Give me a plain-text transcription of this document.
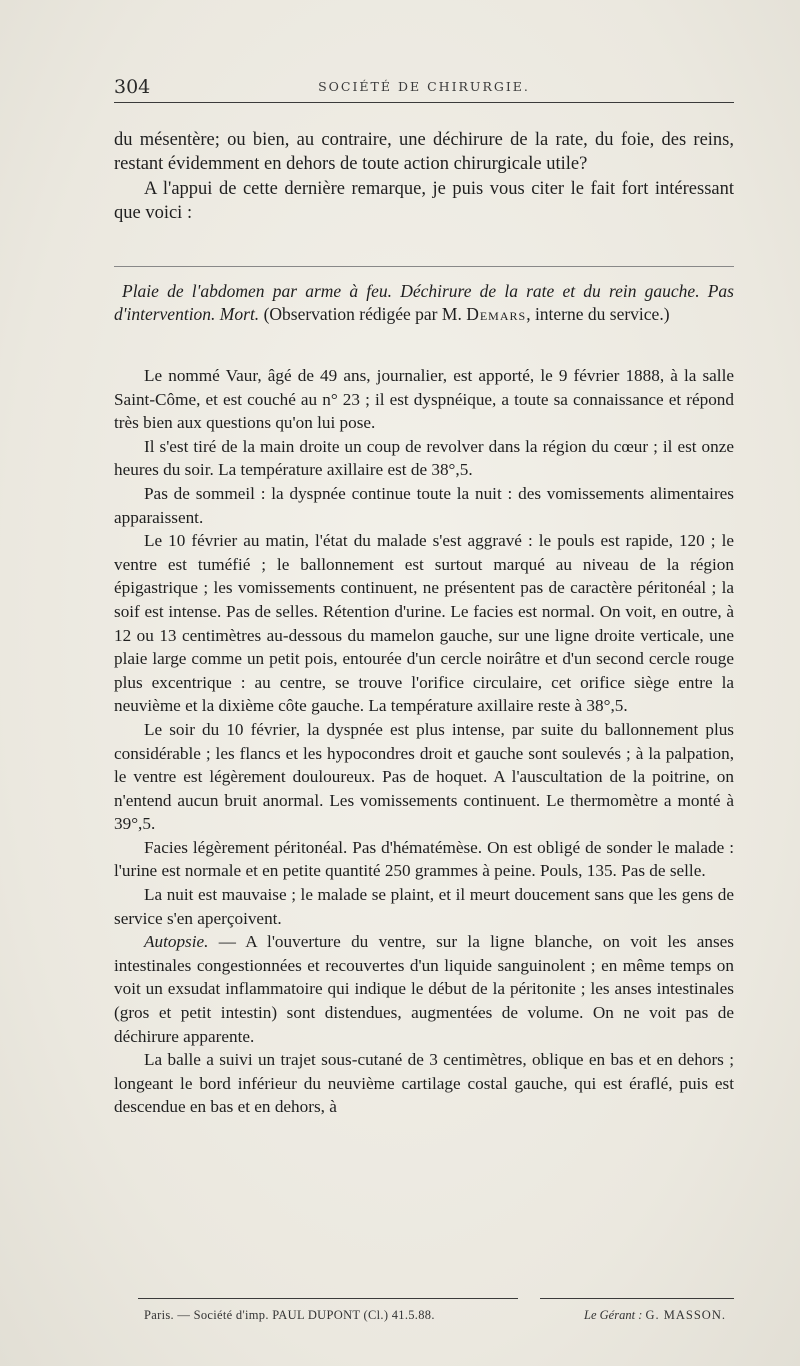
304	SOCIÉTÉ DE CHIRURGIE.

du mésentère; ou bien, au contraire, une déchirure de la rate, du foie, des reins, restant évidemment en dehors de toute action chirurgicale utile?

A l'appui de cette dernière remarque, je puis vous citer le fait fort intéressant que voici :

Plaie de l'abdomen par arme à feu. Déchirure de la rate et du rein gauche. Pas d'intervention. Mort. (Observation rédigée par M. Demars, interne du service.)

Le nommé Vaur, âgé de 49 ans, journalier, est apporté, le 9 février 1888, à la salle Saint-Côme, et est couché au n° 23 ; il est dyspnéique, a toute sa connaissance et répond très bien aux questions qu'on lui pose.

Il s'est tiré de la main droite un coup de revolver dans la région du cœur ; il est onze heures du soir. La température axillaire est de 38°,5.

Pas de sommeil : la dyspnée continue toute la nuit : des vomissements alimentaires apparaissent.

Le 10 février au matin, l'état du malade s'est aggravé : le pouls est rapide, 120 ; le ventre est tuméfié ; le ballonnement est surtout marqué au niveau de la région épigastrique ; les vomissements continuent, ne présentent pas de caractère péritonéal ; la soif est intense. Pas de selles. Rétention d'urine. Le facies est normal. On voit, en outre, à 12 ou 13 centimètres au-dessous du mamelon gauche, sur une ligne droite verticale, une plaie large comme un petit pois, entourée d'un cercle noirâtre et d'un second cercle rouge plus excentrique : au centre, se trouve l'orifice circulaire, cet orifice siège entre la neuvième et la dixième côte gauche. La température axillaire reste à 38°,5.

Le soir du 10 février, la dyspnée est plus intense, par suite du ballonnement plus considérable ; les flancs et les hypocondres droit et gauche sont soulevés ; à la palpation, le ventre est légèrement douloureux. Pas de hoquet. A l'auscultation de la poitrine, on n'entend aucun bruit anormal. Les vomissements continuent. Le thermomètre a monté à 39°,5.

Facies légèrement péritonéal. Pas d'hématémèse. On est obligé de sonder le malade : l'urine est normale et en petite quantité 250 grammes à peine. Pouls, 135. Pas de selle.

La nuit est mauvaise ; le malade se plaint, et il meurt doucement sans que les gens de service s'en aperçoivent.

Autopsie. — A l'ouverture du ventre, sur la ligne blanche, on voit les anses intestinales congestionnées et recouvertes d'un liquide sanguinolent ; en même temps on voit un exsudat inflammatoire qui indique le début de la péritonite ; les anses intestinales (gros et petit intestin) sont distendues, augmentées de volume. On ne voit pas de déchirure apparente.

La balle a suivi un trajet sous-cutané de 3 centimètres, oblique en bas et en dehors ; longeant le bord inférieur du neuvième cartilage costal gauche, qui est éraflé, puis est descendue en bas et en dehors, à

Paris. — Société d'imp. PAUL DUPONT (Cl.) 41.5.88.	Le Gérant : G. MASSON.
